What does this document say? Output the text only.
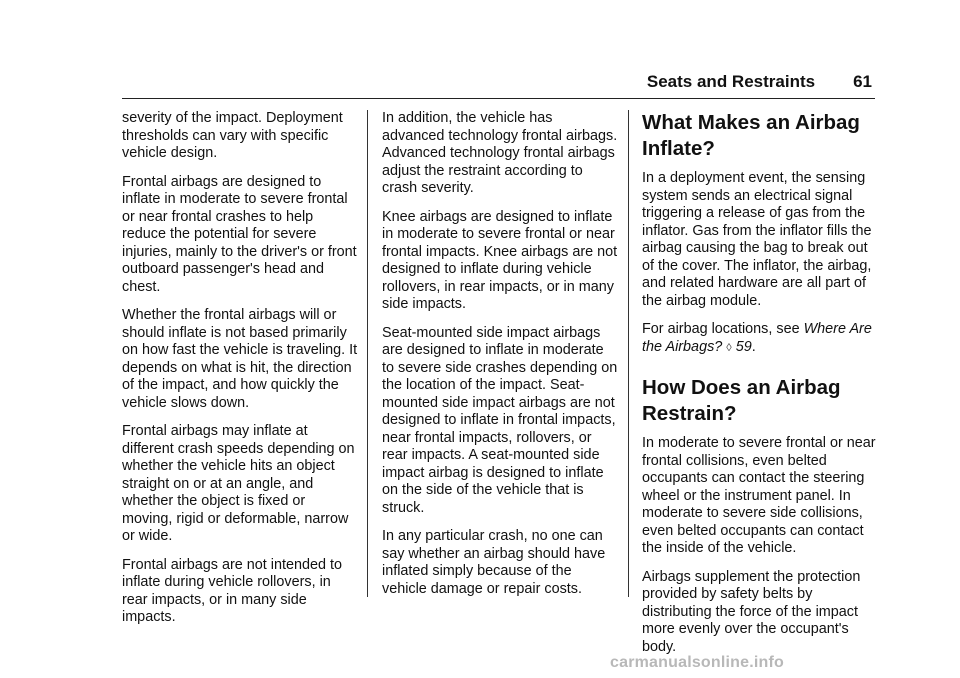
Seats and Restraints 61

severity of the impact. Deployment thresholds can vary with specific vehicle design.

Frontal airbags are designed to inflate in moderate to severe frontal or near frontal crashes to help reduce the potential for severe injuries, mainly to the driver's or front outboard passenger's head and chest.

Whether the frontal airbags will or should inflate is not based primarily on how fast the vehicle is traveling. It depends on what is hit, the direction of the impact, and how quickly the vehicle slows down.

Frontal airbags may inflate at different crash speeds depending on whether the vehicle hits an object straight on or at an angle, and whether the object is fixed or moving, rigid or deformable, narrow or wide.

Frontal airbags are not intended to inflate during vehicle rollovers, in rear impacts, or in many side impacts.

In addition, the vehicle has advanced technology frontal airbags. Advanced technology frontal airbags adjust the restraint according to crash severity.

Knee airbags are designed to inflate in moderate to severe frontal or near frontal impacts. Knee airbags are not designed to inflate during vehicle rollovers, in rear impacts, or in many side impacts.

Seat-mounted side impact airbags are designed to inflate in moderate to severe side crashes depending on the location of the impact. Seat-mounted side impact airbags are not designed to inflate in frontal impacts, near frontal impacts, rollovers, or rear impacts. A seat-mounted side impact airbag is designed to inflate on the side of the vehicle that is struck.

In any particular crash, no one can say whether an airbag should have inflated simply because of the vehicle damage or repair costs.

What Makes an Airbag Inflate?

In a deployment event, the sensing system sends an electrical signal triggering a release of gas from the inflator. Gas from the inflator fills the airbag causing the bag to break out of the cover. The inflator, the airbag, and related hardware are all part of the airbag module.

For airbag locations, see Where Are the Airbags? ◊ 59.

How Does an Airbag Restrain?

In moderate to severe frontal or near frontal collisions, even belted occupants can contact the steering wheel or the instrument panel. In moderate to severe side collisions, even belted occupants can contact the inside of the vehicle.

Airbags supplement the protection provided by safety belts by distributing the force of the impact more evenly over the occupant's body.

carmanualsonline.info
